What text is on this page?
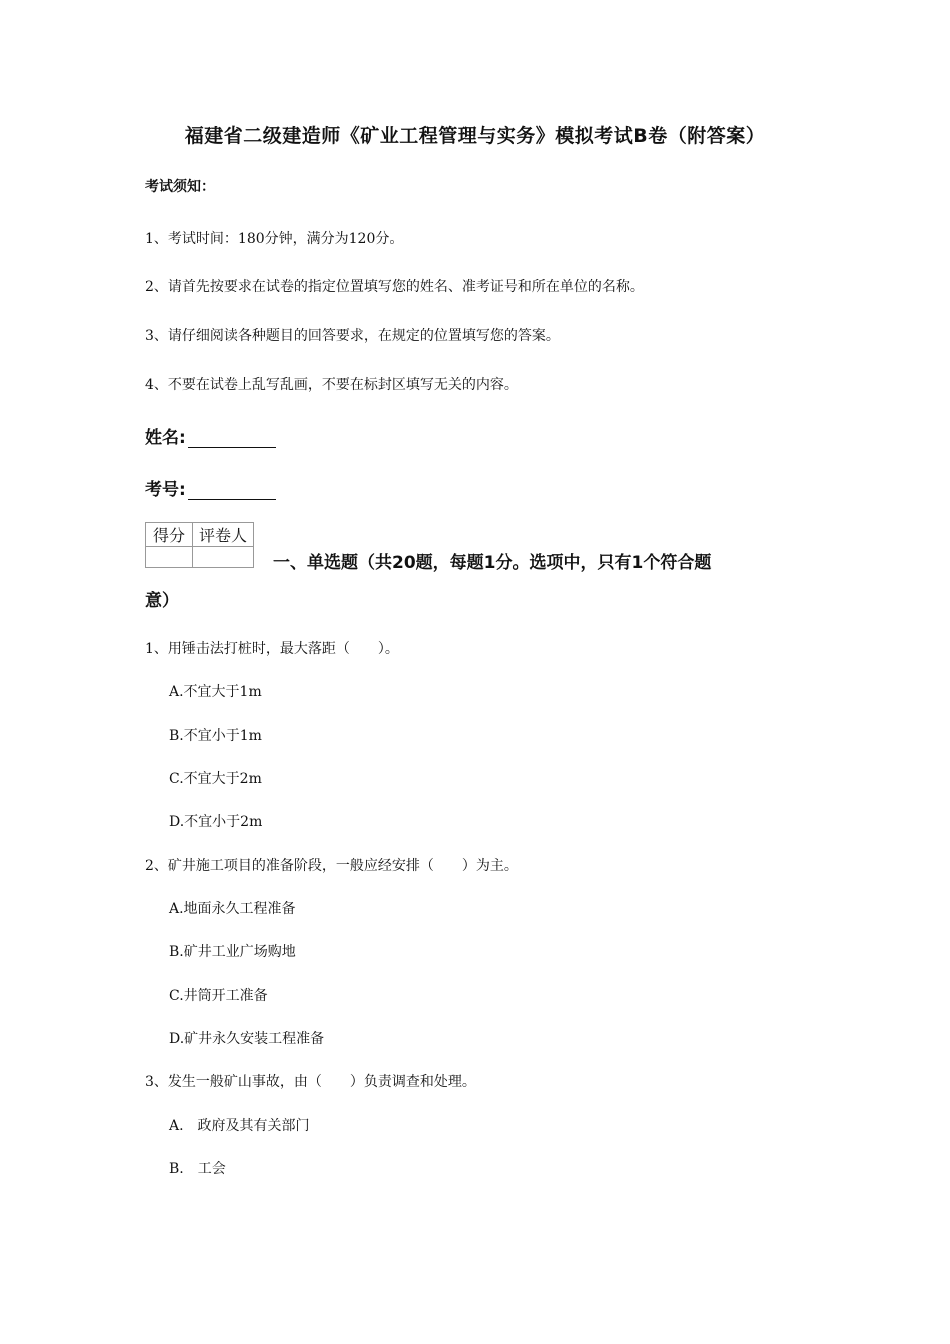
福建省二级建造师《矿业工程管理与实务》模拟考试B卷（附答案）
考试须知：
1、考试时间：180分钟，满分为120分。
2、请首先按要求在试卷的指定位置填写您的姓名、准考证号和所在单位的名称。
3、请仔细阅读各种题目的回答要求，在规定的位置填写您的答案。
4、不要在试卷上乱写乱画，不要在标封区填写无关的内容。
姓名:
考号:
得分	评卷人

一、单选题（共20题，每题1分。选项中，只有1个符合题
意）
1、用锤击法打桩时，最大落距（　　）。
A.不宜大于1m
B.不宜小于1m
C.不宜大于2m
D.不宜小于2m
2、矿井施工项目的准备阶段，一般应经安排（　　）为主。
A.地面永久工程准备
B.矿井工业广场购地
C.井筒开工准备
D.矿井永久安装工程准备
3、发生一般矿山事故，由（　　）负责调查和处理。
A.　政府及其有关部门
B.　工会
